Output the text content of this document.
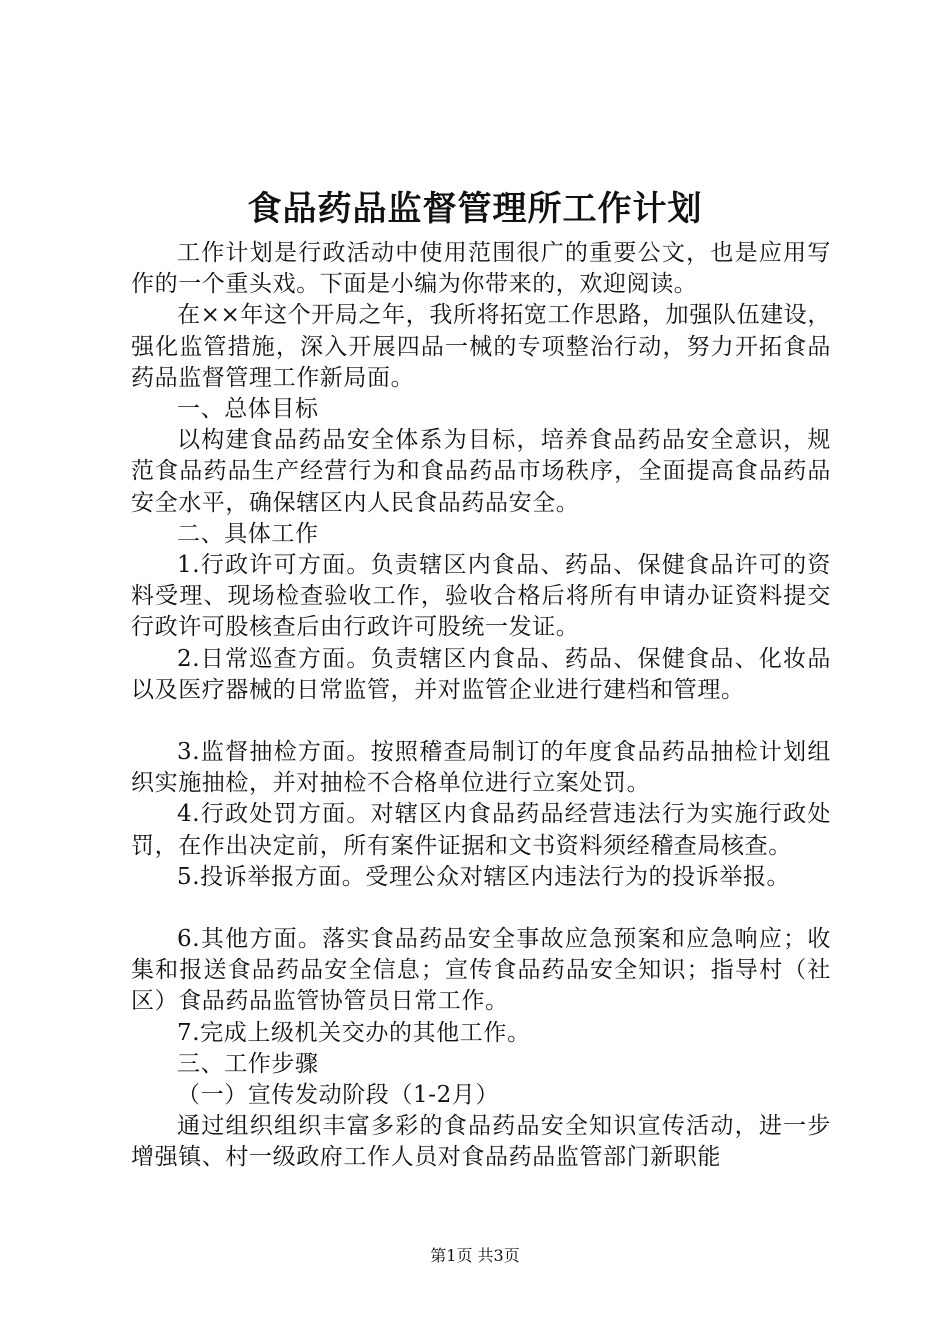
食品药品监督管理所工作计划

工作计划是行政活动中使用范围很广的重要公文，也是应用写作的一个重头戏。下面是小编为你带来的，欢迎阅读。

在××年这个开局之年，我所将拓宽工作思路，加强队伍建设，强化监管措施，深入开展四品一械的专项整治行动，努力开拓食品药品监督管理工作新局面。

一、总体目标

以构建食品药品安全体系为目标，培养食品药品安全意识，规范食品药品生产经营行为和食品药品市场秩序，全面提高食品药品安全水平，确保辖区内人民食品药品安全。

二、具体工作

1.行政许可方面。负责辖区内食品、药品、保健食品许可的资料受理、现场检查验收工作，验收合格后将所有申请办证资料提交行政许可股核查后由行政许可股统一发证。

2.日常巡查方面。负责辖区内食品、药品、保健食品、化妆品以及医疗器械的日常监管，并对监管企业进行建档和管理。

3.监督抽检方面。按照稽查局制订的年度食品药品抽检计划组织实施抽检，并对抽检不合格单位进行立案处罚。

4.行政处罚方面。对辖区内食品药品经营违法行为实施行政处罚，在作出决定前，所有案件证据和文书资料须经稽查局核查。

5.投诉举报方面。受理公众对辖区内违法行为的投诉举报。

6.其他方面。落实食品药品安全事故应急预案和应急响应；收集和报送食品药品安全信息；宣传食品药品安全知识；指导村（社区）食品药品监管协管员日常工作。

7.完成上级机关交办的其他工作。

三、工作步骤

（一）宣传发动阶段（1-2月）

通过组织组织丰富多彩的食品药品安全知识宣传活动，进一步增强镇、村一级政府工作人员对食品药品监管部门新职能

第1页 共3页
